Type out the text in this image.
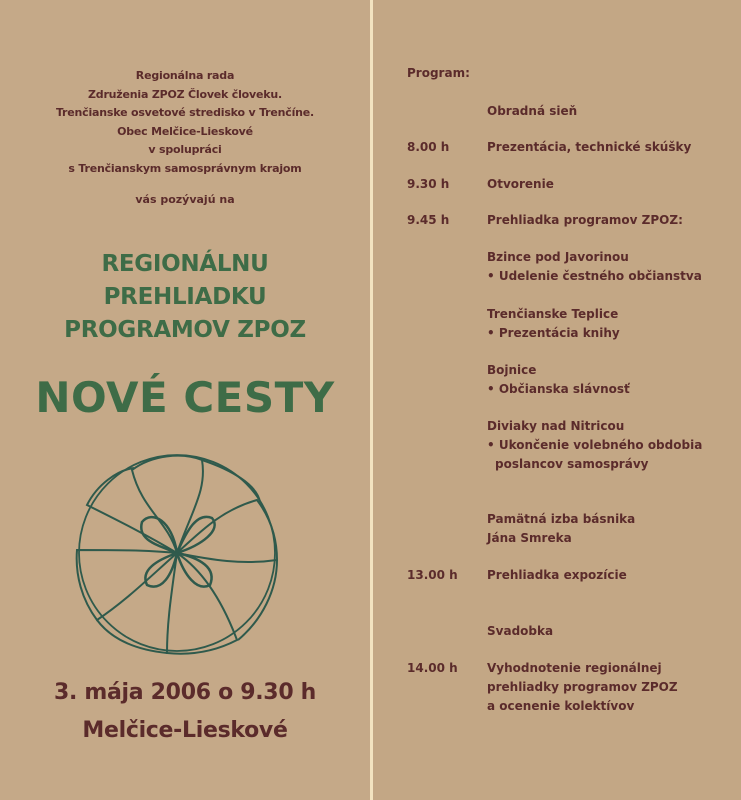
Regionálna rada
Združenia ZPOZ Človek človeku.
Trenčianske osvetové stredisko v Trenčíne.
Obec Melčice-Lieskové
v spolupráci
s Trenčianskym samosprávnym krajom
vás pozývajú na
REGIONÁLNU
PREHLIADKU
PROGRAMOV ZPOZ
NOVÉ CESTY
3. mája 2006 o 9.30 h
Melčice-Lieskové
Program:
Obradná sieň
8.00 h	Prezentácia, technické skúšky
9.30 h	Otvorenie
9.45 h	Prehliadka programov ZPOZ:
Bzince pod Javorinou
• Udelenie čestného občianstva
Trenčianske Teplice
• Prezentácia knihy
Bojnice
• Občianska slávnosť
Diviaky nad Nitricou
• Ukončenie volebného obdobia
poslancov samosprávy
Pamätná izba básnika
Jána Smreka
13.00 h Prehliadka expozície
Svadobka
14.00 h Vyhodnotenie regionálnej
prehliadky programov ZPOZ
a ocenenie kolektívov
